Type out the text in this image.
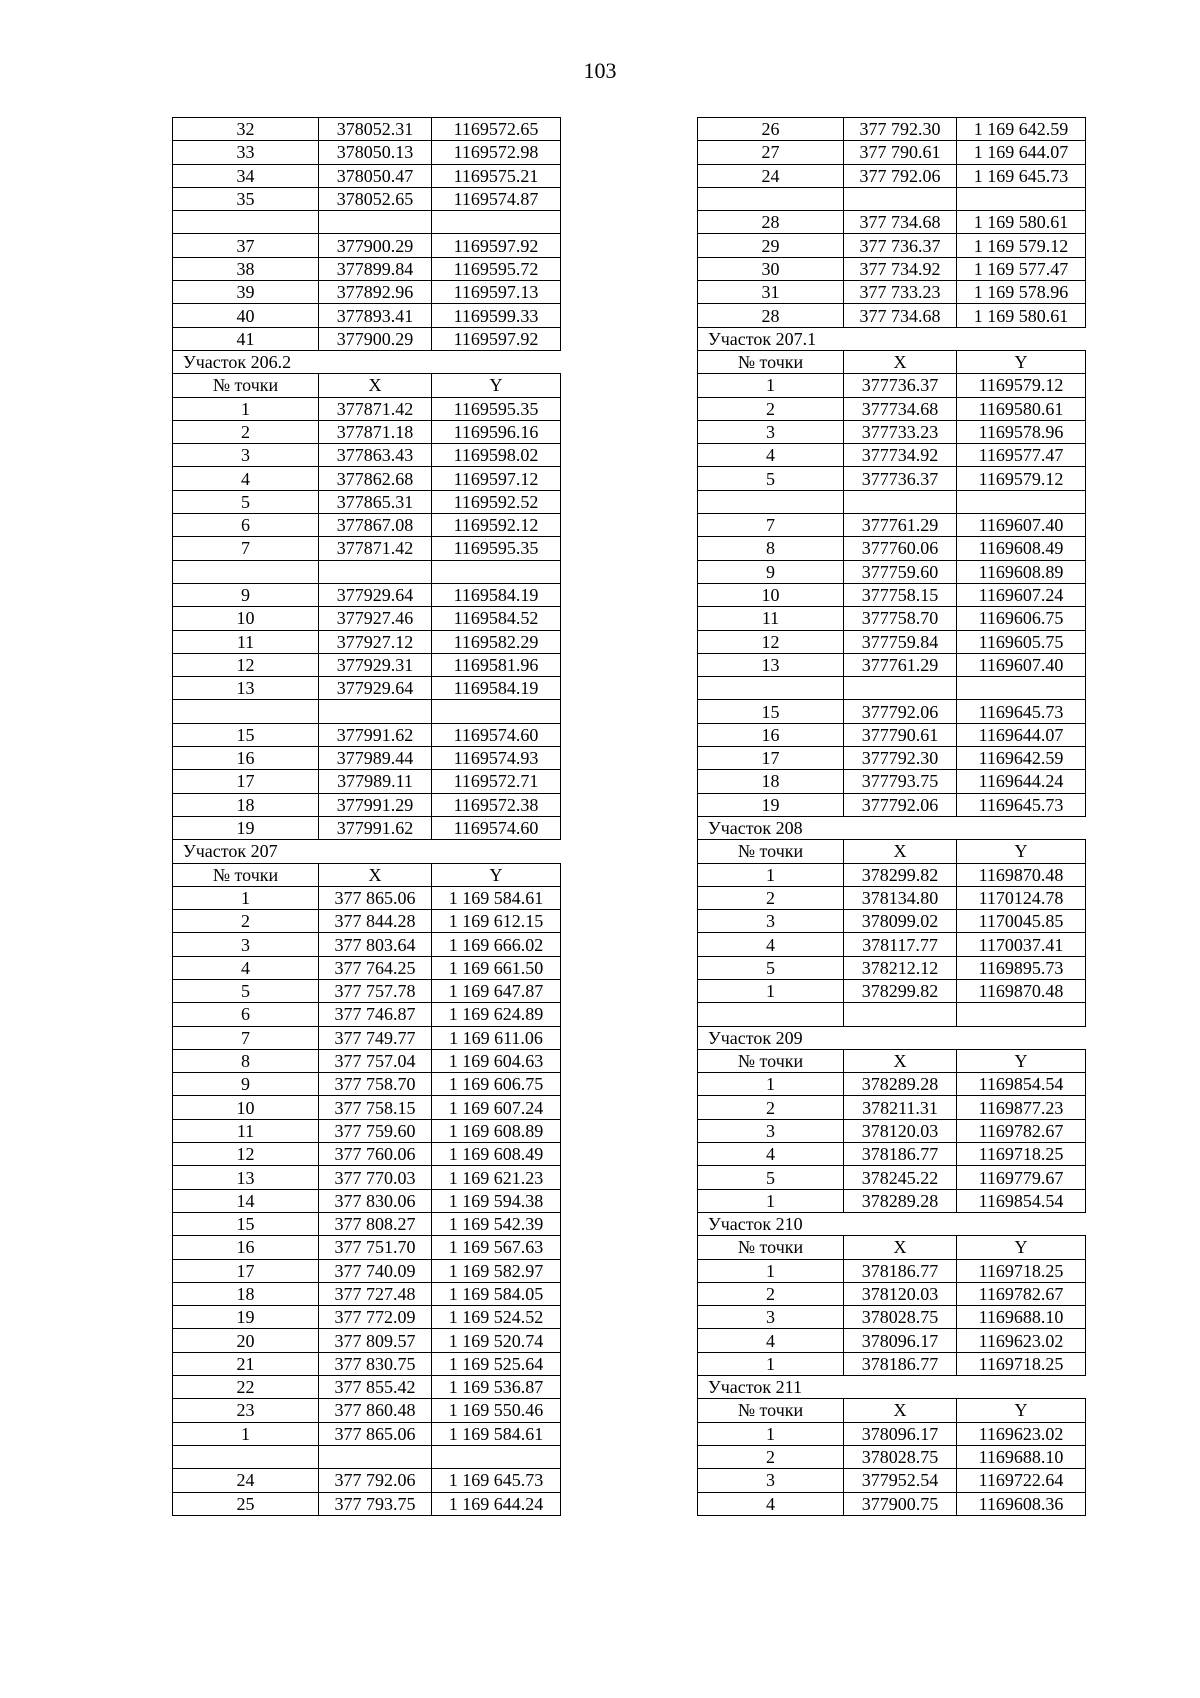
103
32	378052.31	1169572.65
33	378050.13	1169572.98
34	378050.47	1169575.21
35	378052.65	1169574.87

37	377900.29	1169597.92
38	377899.84	1169595.72
39	377892.96	1169597.13
40	377893.41	1169599.33
41	377900.29	1169597.92
Участок 206.2		
№ точки	X	Y
1	377871.42	1169595.35
2	377871.18	1169596.16
3	377863.43	1169598.02
4	377862.68	1169597.12
5	377865.31	1169592.52
6	377867.08	1169592.12
7	377871.42	1169595.35

9	377929.64	1169584.19
10	377927.46	1169584.52
11	377927.12	1169582.29
12	377929.31	1169581.96
13	377929.64	1169584.19

15	377991.62	1169574.60
16	377989.44	1169574.93
17	377989.11	1169572.71
18	377991.29	1169572.38
19	377991.62	1169574.60
Участок 207		
№ точки	X	Y
1	377 865.06	1 169 584.61
2	377 844.28	1 169 612.15
3	377 803.64	1 169 666.02
4	377 764.25	1 169 661.50
5	377 757.78	1 169 647.87
6	377 746.87	1 169 624.89
7	377 749.77	1 169 611.06
8	377 757.04	1 169 604.63
9	377 758.70	1 169 606.75
10	377 758.15	1 169 607.24
11	377 759.60	1 169 608.89
12	377 760.06	1 169 608.49
13	377 770.03	1 169 621.23
14	377 830.06	1 169 594.38
15	377 808.27	1 169 542.39
16	377 751.70	1 169 567.63
17	377 740.09	1 169 582.97
18	377 727.48	1 169 584.05
19	377 772.09	1 169 524.52
20	377 809.57	1 169 520.74
21	377 830.75	1 169 525.64
22	377 855.42	1 169 536.87
23	377 860.48	1 169 550.46
1	377 865.06	1 169 584.61

24	377 792.06	1 169 645.73
25	377 793.75	1 169 644.24
26	377 792.30	1 169 642.59
27	377 790.61	1 169 644.07
24	377 792.06	1 169 645.73

28	377 734.68	1 169 580.61
29	377 736.37	1 169 579.12
30	377 734.92	1 169 577.47
31	377 733.23	1 169 578.96
28	377 734.68	1 169 580.61
Участок 207.1		
№ точки	X	Y
1	377736.37	1169579.12
2	377734.68	1169580.61
3	377733.23	1169578.96
4	377734.92	1169577.47
5	377736.37	1169579.12

7	377761.29	1169607.40
8	377760.06	1169608.49
9	377759.60	1169608.89
10	377758.15	1169607.24
11	377758.70	1169606.75
12	377759.84	1169605.75
13	377761.29	1169607.40

15	377792.06	1169645.73
16	377790.61	1169644.07
17	377792.30	1169642.59
18	377793.75	1169644.24
19	377792.06	1169645.73
Участок 208		
№ точки	X	Y
1	378299.82	1169870.48
2	378134.80	1170124.78
3	378099.02	1170045.85
4	378117.77	1170037.41
5	378212.12	1169895.73
1	378299.82	1169870.48

Участок 209		
№ точки	X	Y
1	378289.28	1169854.54
2	378211.31	1169877.23
3	378120.03	1169782.67
4	378186.77	1169718.25
5	378245.22	1169779.67
1	378289.28	1169854.54
Участок 210		
№ точки	X	Y
1	378186.77	1169718.25
2	378120.03	1169782.67
3	378028.75	1169688.10
4	378096.17	1169623.02
1	378186.77	1169718.25
Участок 211		
№ точки	X	Y
1	378096.17	1169623.02
2	378028.75	1169688.10
3	377952.54	1169722.64
4	377900.75	1169608.36
